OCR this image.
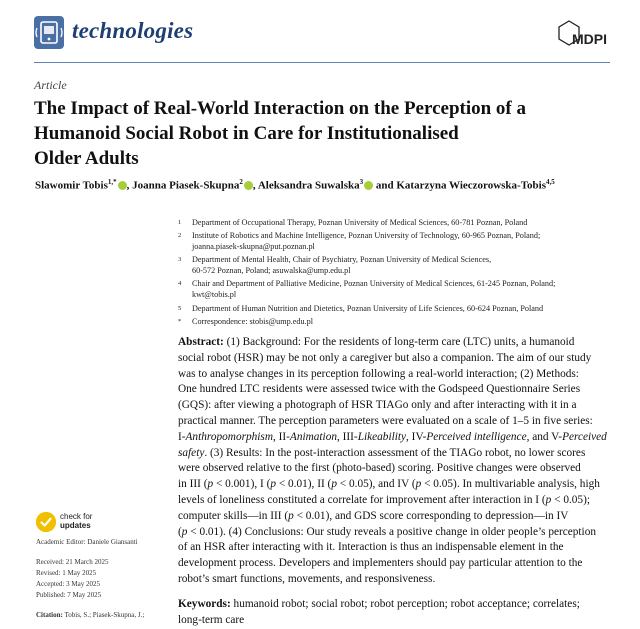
technologies	MDPI
Article
The Impact of Real-World Interaction on the Perception of a
Humanoid Social Robot in Care for Institutionalised
Older Adults
Slawomir Tobis$^{1,*}$ , Joanna Piasek-Skupna$^2$ , Aleksandra Suwalska$^3$ and Katarzyna Wieczorowska-Tobis$^{4,5}$
1	Department of Occupational Therapy, Poznan University of Medical Sciences, 60-781 Poznan, Poland
2	Institute of Robotics and Machine Intelligence, Poznan University of Technology, 60-965 Poznan, Poland;
joanna.piasek-skupna@put.poznan.pl
3	Department of Mental Health, Chair of Psychiatry, Poznan University of Medical Sciences,
60-572 Poznan, Poland; asuwalska@ump.edu.pl
4	Chair and Department of Palliative Medicine, Poznan University of Medical Sciences, 61-245 Poznan, Poland;
kwt@tobis.pl
5	Department of Human Nutrition and Dietetics, Poznan University of Life Sciences, 60-624 Poznan, Poland
*	Correspondence: stobis@ump.edu.pl
Abstract: (1) Background: For the residents of long-term care (LTC) units, a humanoid
social robot (HSR) may be not only a caregiver but also a companion. The aim of our study
was to analyse changes in its perception following a real-world interaction; (2) Methods:
One hundred LTC residents were assessed twice with the Godspeed Questionnaire Series
(GQS): after viewing a photograph of HSR TIAGo only and after interacting with it in a
practical manner. The perception parameters were evaluated on a scale of 1–5 in five series:
I-Anthropomorphism, II-Animation, III-Likeability, IV-Perceived intelligence, and V-Perceived
safety. (3) Results: In the post-interaction assessment of the TIAGo robot, no lower scores
were observed relative to the first (photo-based) scoring. Positive changes were observed
in III (p < 0.001), I (p < 0.01), II (p < 0.05), and IV (p < 0.05). In multivariable analysis, high
levels of loneliness constituted a correlate for improvement after interaction in I (p < 0.05);
computer skills—in III (p < 0.01), and GDS score corresponding to depression—in IV
(p < 0.01). (4) Conclusions: Our study reveals a positive change in older people’s perception
of an HSR after interacting with it. Interaction is thus an indispensable element in the
development process. Developers and implementers should pay particular attention to the
robot’s smart functions, movements, and responsiveness.
Keywords: humanoid robot; social robot; robot perception; robot acceptance; correlates;
long-term care
check for
updates
Academic Editor: Daniele Giansanti
Received: 21 March 2025
Revised: 1 May 2025
Accepted: 3 May 2025
Published: 7 May 2025
Citation: Tobis, S.; Piasek-Skupna, J.;
